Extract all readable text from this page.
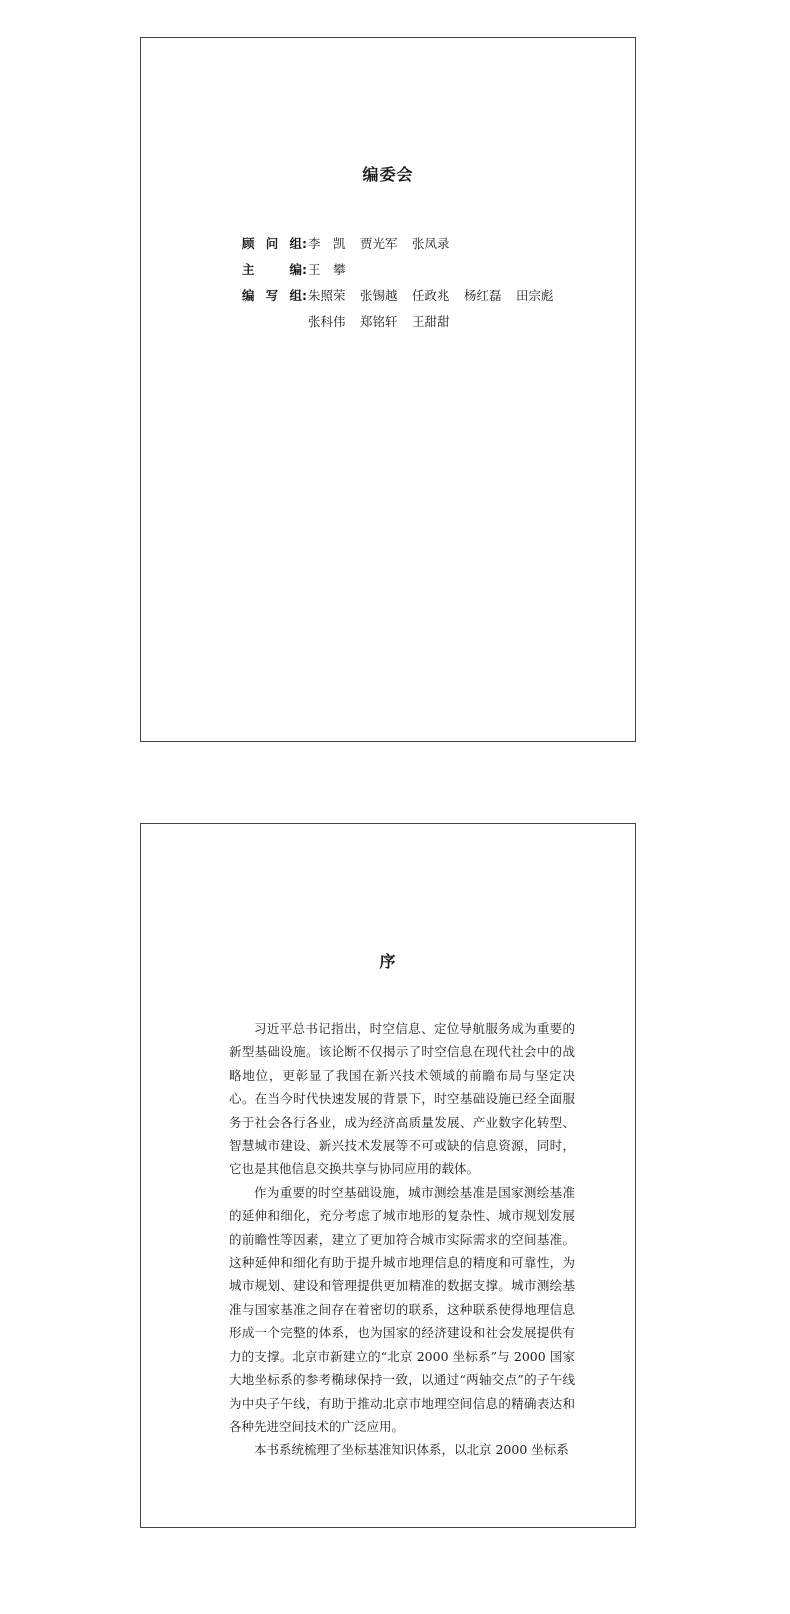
编委会
顾问组 : 李　凯	贾光军	张凤录
主编 : 王　攀
编写组 : 朱照荣	张锡越	任政兆	杨红磊	田宗彪
张科伟	郑铭轩	王甜甜
序

习近平总书记指出，时空信息、定位导航服务成为重要的新型基础设施。该论断不仅揭示了时空信息在现代社会中的战略地位，更彰显了我国在新兴技术领域的前瞻布局与坚定决心。在当今时代快速发展的背景下，时空基础设施已经全面服务于社会各行各业，成为经济高质量发展、产业数字化转型、智慧城市建设、新兴技术发展等不可或缺的信息资源，同时，它也是其他信息交换共享与协同应用的载体。

作为重要的时空基础设施，城市测绘基准是国家测绘基准的延伸和细化，充分考虑了城市地形的复杂性、城市规划发展的前瞻性等因素，建立了更加符合城市实际需求的空间基准。这种延伸和细化有助于提升城市地理信息的精度和可靠性，为城市规划、建设和管理提供更加精准的数据支撑。城市测绘基准与国家基准之间存在着密切的联系，这种联系使得地理信息形成一个完整的体系，也为国家的经济建设和社会发展提供有力的支撑。北京市新建立的“北京 2000 坐标系”与 2000 国家大地坐标系的参考椭球保持一致，以通过“两轴交点”的子午线为中央子午线，有助于推动北京市地理空间信息的精确表达和各种先进空间技术的广泛应用。

本书系统梳理了坐标基准知识体系，以北京 2000 坐标系
